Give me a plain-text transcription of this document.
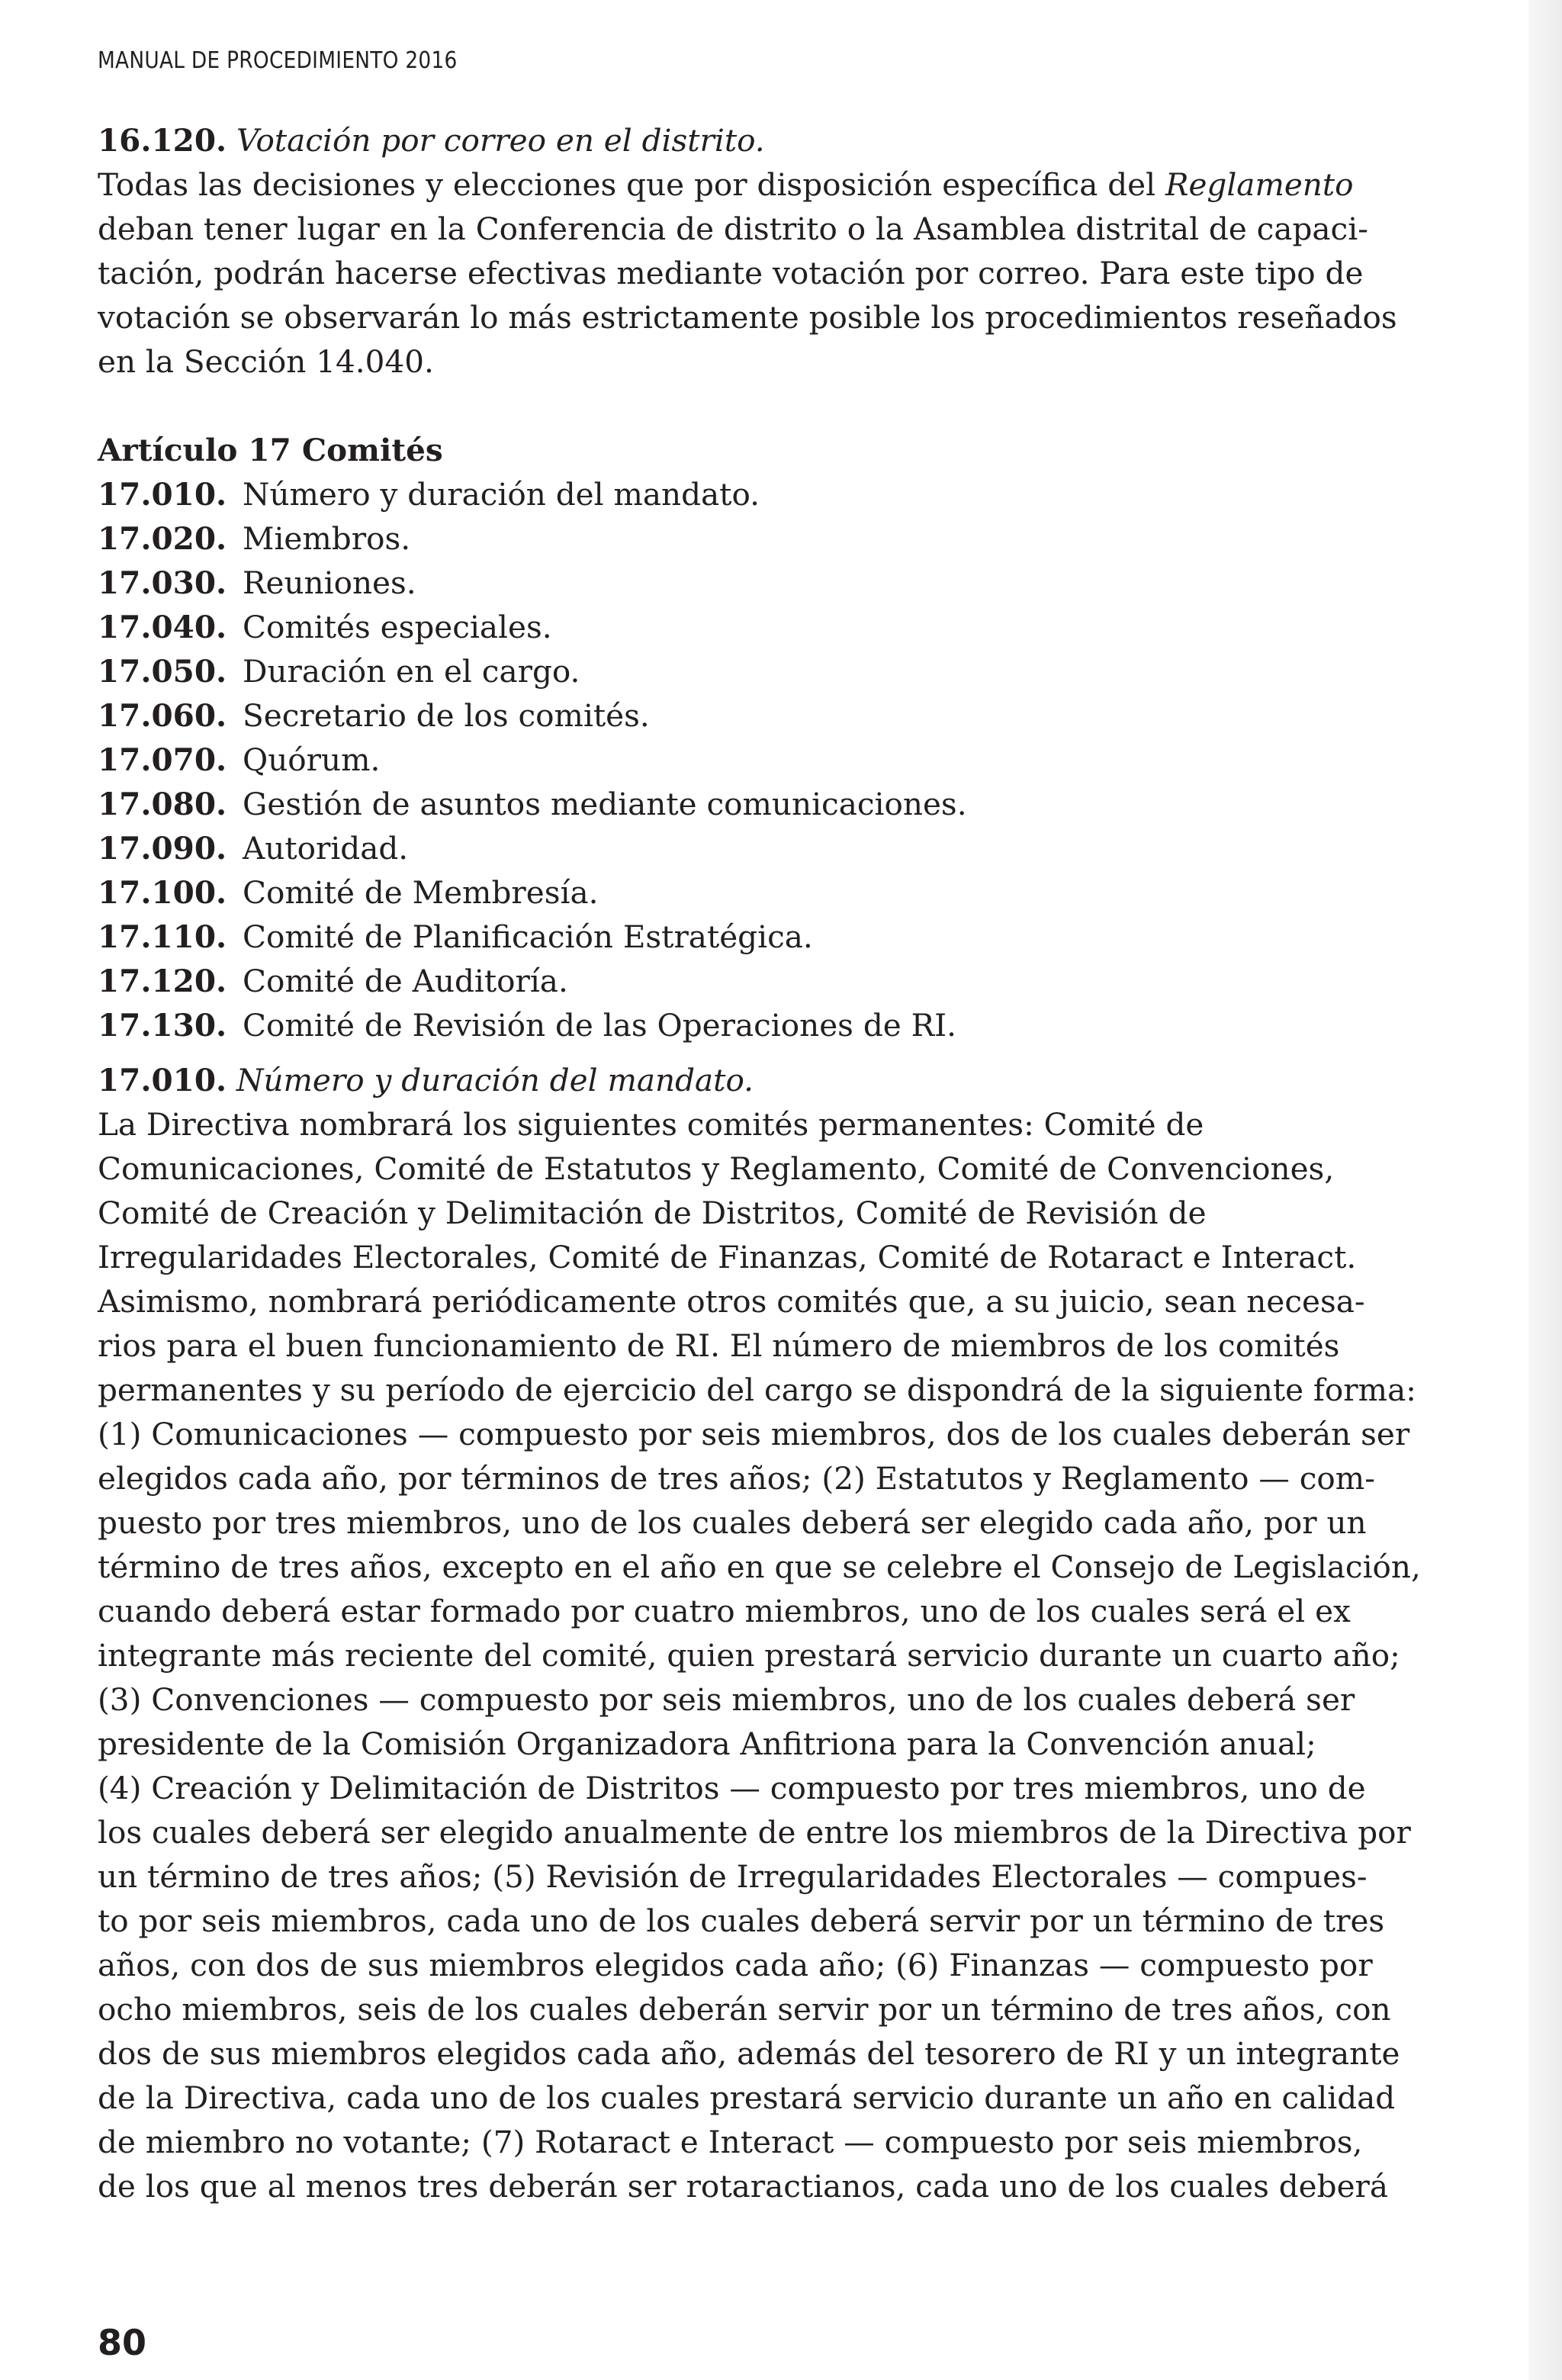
MANUAL DE PROCEDIMIENTO 2016
16.120. Votación por correo en el distrito.
Todas las decisiones y elecciones que por disposición específica del Reglamento
deban tener lugar en la Conferencia de distrito o la Asamblea distrital de capaci-
tación, podrán hacerse efectivas mediante votación por correo. Para este tipo de
votación se observarán lo más estrictamente posible los procedimientos reseñados
en la Sección 14.040.
Artículo 17 Comités
17.010. Número y duración del mandato.
17.020. Miembros.
17.030. Reuniones.
17.040. Comités especiales.
17.050. Duración en el cargo.
17.060. Secretario de los comités.
17.070. Quórum.
17.080. Gestión de asuntos mediante comunicaciones.
17.090. Autoridad.
17.100. Comité de Membresía.
17.110. Comité de Planificación Estratégica.
17.120. Comité de Auditoría.
17.130. Comité de Revisión de las Operaciones de RI.
17.010. Número y duración del mandato.
La Directiva nombrará los siguientes comités permanentes: Comité de
Comunicaciones, Comité de Estatutos y Reglamento, Comité de Convenciones,
Comité de Creación y Delimitación de Distritos, Comité de Revisión de
Irregularidades Electorales, Comité de Finanzas, Comité de Rotaract e Interact.
Asimismo, nombrará periódicamente otros comités que, a su juicio, sean necesa-
rios para el buen funcionamiento de RI. El número de miembros de los comités
permanentes y su período de ejercicio del cargo se dispondrá de la siguiente forma:
(1) Comunicaciones — compuesto por seis miembros, dos de los cuales deberán ser
elegidos cada año, por términos de tres años; (2) Estatutos y Reglamento — com-
puesto por tres miembros, uno de los cuales deberá ser elegido cada año, por un
término de tres años, excepto en el año en que se celebre el Consejo de Legislación,
cuando deberá estar formado por cuatro miembros, uno de los cuales será el ex
integrante más reciente del comité, quien prestará servicio durante un cuarto año;
(3) Convenciones — compuesto por seis miembros, uno de los cuales deberá ser
presidente de la Comisión Organizadora Anfitriona para la Convención anual;
(4) Creación y Delimitación de Distritos — compuesto por tres miembros, uno de
los cuales deberá ser elegido anualmente de entre los miembros de la Directiva por
un término de tres años; (5) Revisión de Irregularidades Electorales — compues-
to por seis miembros, cada uno de los cuales deberá servir por un término de tres
años, con dos de sus miembros elegidos cada año; (6) Finanzas — compuesto por
ocho miembros, seis de los cuales deberán servir por un término de tres años, con
dos de sus miembros elegidos cada año, además del tesorero de RI y un integrante
de la Directiva, cada uno de los cuales prestará servicio durante un año en calidad
de miembro no votante; (7) Rotaract e Interact — compuesto por seis miembros,
de los que al menos tres deberán ser rotaractianos, cada uno de los cuales deberá
80
